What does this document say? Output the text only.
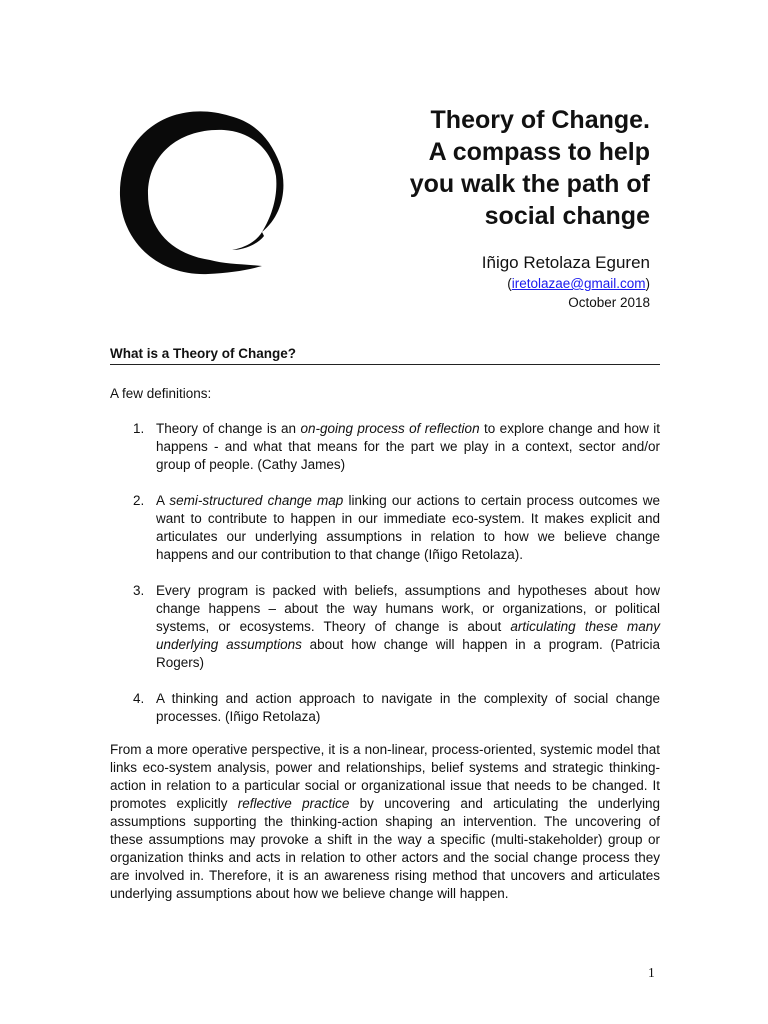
Theory of Change.
A compass to help
you walk the path of
social change
Iñigo Retolaza Eguren
(iretolazae@gmail.com)
October 2018
What is a Theory of Change?
A few definitions:
1. Theory of change is an on-going process of reflection to explore change and how it happens - and what that means for the part we play in a context, sector and/or group of people. (Cathy James)
2. A semi-structured change map linking our actions to certain process outcomes we want to contribute to happen in our immediate eco-system. It makes explicit and articulates our underlying assumptions in relation to how we believe change happens and our contribution to that change (Iñigo Retolaza).
3. Every program is packed with beliefs, assumptions and hypotheses about how change happens – about the way humans work, or organizations, or political systems, or ecosystems. Theory of change is about articulating these many underlying assumptions about how change will happen in a program. (Patricia Rogers)
4. A thinking and action approach to navigate in the complexity of social change processes. (Iñigo Retolaza)
From a more operative perspective, it is a non-linear, process-oriented, systemic model that links eco-system analysis, power and relationships, belief systems and strategic thinking-action in relation to a particular social or organizational issue that needs to be changed. It promotes explicitly reflective practice by uncovering and articulating the underlying assumptions supporting the thinking-action shaping an intervention. The uncovering of these assumptions may provoke a shift in the way a specific (multi-stakeholder) group or organization thinks and acts in relation to other actors and the social change process they are involved in. Therefore, it is an awareness rising method that uncovers and articulates underlying assumptions about how we believe change will happen.
1
